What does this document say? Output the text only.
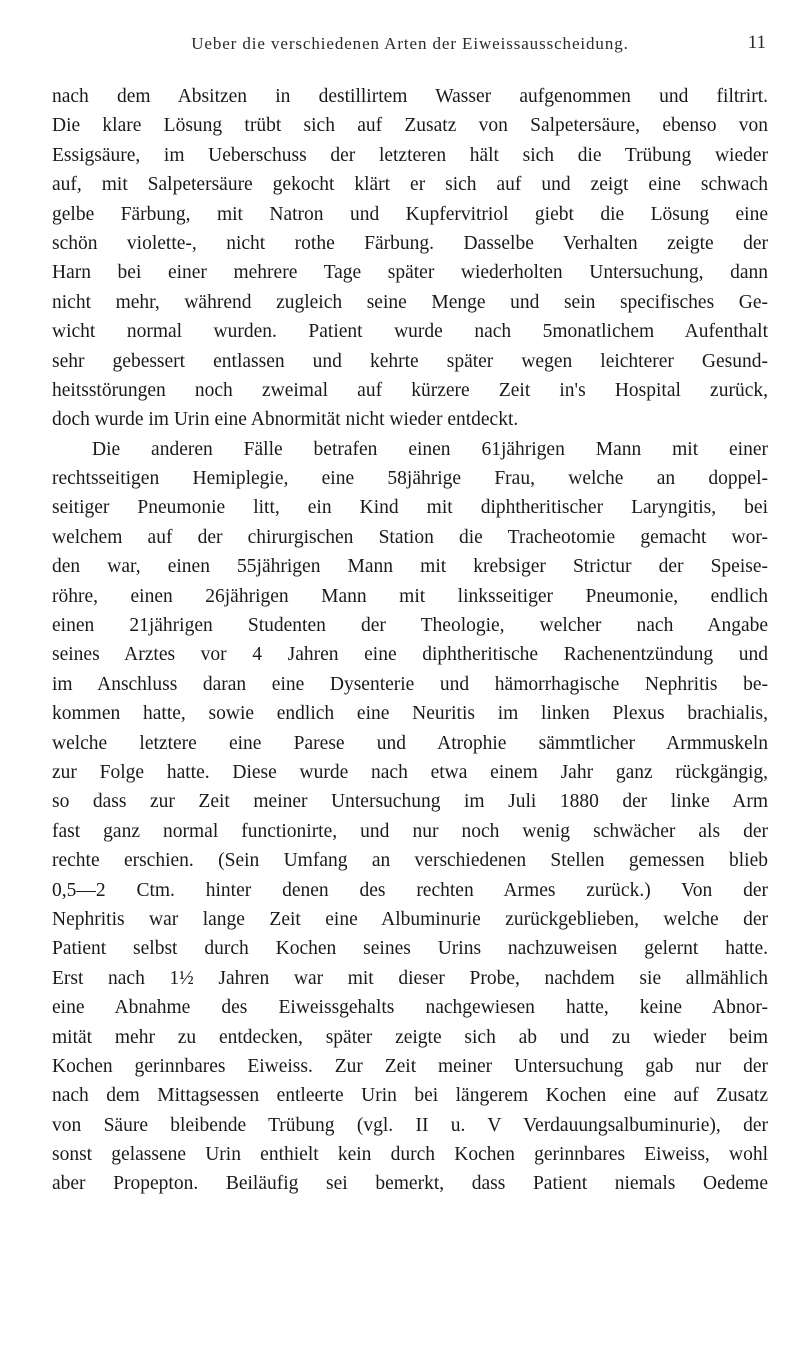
Ueber die verschiedenen Arten der Eiweissausscheidung.	11
nach dem Absitzen in destillirtem Wasser aufgenommen und filtrirt.
Die klare Lösung trübt sich auf Zusatz von Salpetersäure, ebenso von
Essigsäure, im Ueberschuss der letzteren hält sich die Trübung wieder
auf, mit Salpetersäure gekocht klärt er sich auf und zeigt eine schwach
gelbe Färbung, mit Natron und Kupfervitriol giebt die Lösung eine
schön violette-, nicht rothe Färbung. Dasselbe Verhalten zeigte der
Harn bei einer mehrere Tage später wiederholten Untersuchung, dann
nicht mehr, während zugleich seine Menge und sein specifisches Ge-
wicht normal wurden. Patient wurde nach 5monatlichem Aufenthalt
sehr gebessert entlassen und kehrte später wegen leichterer Gesund-
heitsstörungen noch zweimal auf kürzere Zeit in's Hospital zurück,
doch wurde im Urin eine Abnormität nicht wieder entdeckt.
Die anderen Fälle betrafen einen 61jährigen Mann mit einer
rechtsseitigen Hemiplegie, eine 58jährige Frau, welche an doppel-
seitiger Pneumonie litt, ein Kind mit diphtheritischer Laryngitis, bei
welchem auf der chirurgischen Station die Tracheotomie gemacht wor-
den war, einen 55jährigen Mann mit krebsiger Strictur der Speise-
röhre, einen 26jährigen Mann mit linksseitiger Pneumonie, endlich
einen 21jährigen Studenten der Theologie, welcher nach Angabe
seines Arztes vor 4 Jahren eine diphtheritische Rachenentzündung und
im Anschluss daran eine Dysenterie und hämorrhagische Nephritis be-
kommen hatte, sowie endlich eine Neuritis im linken Plexus brachialis,
welche letztere eine Parese und Atrophie sämmtlicher Armmuskeln
zur Folge hatte. Diese wurde nach etwa einem Jahr ganz rückgängig,
so dass zur Zeit meiner Untersuchung im Juli 1880 der linke Arm
fast ganz normal functionirte, und nur noch wenig schwächer als der
rechte erschien. (Sein Umfang an verschiedenen Stellen gemessen blieb
0,5—2 Ctm. hinter denen des rechten Armes zurück.) Von der
Nephritis war lange Zeit eine Albuminurie zurückgeblieben, welche der
Patient selbst durch Kochen seines Urins nachzuweisen gelernt hatte.
Erst nach 1½ Jahren war mit dieser Probe, nachdem sie allmählich
eine Abnahme des Eiweissgehalts nachgewiesen hatte, keine Abnor-
mität mehr zu entdecken, später zeigte sich ab und zu wieder beim
Kochen gerinnbares Eiweiss. Zur Zeit meiner Untersuchung gab nur der
nach dem Mittagsessen entleerte Urin bei längerem Kochen eine auf Zusatz
von Säure bleibende Trübung (vgl. II u. V Verdauungsalbuminurie), der
sonst gelassene Urin enthielt kein durch Kochen gerinnbares Eiweiss, wohl
aber Propepton. Beiläufig sei bemerkt, dass Patient niemals Oedeme
